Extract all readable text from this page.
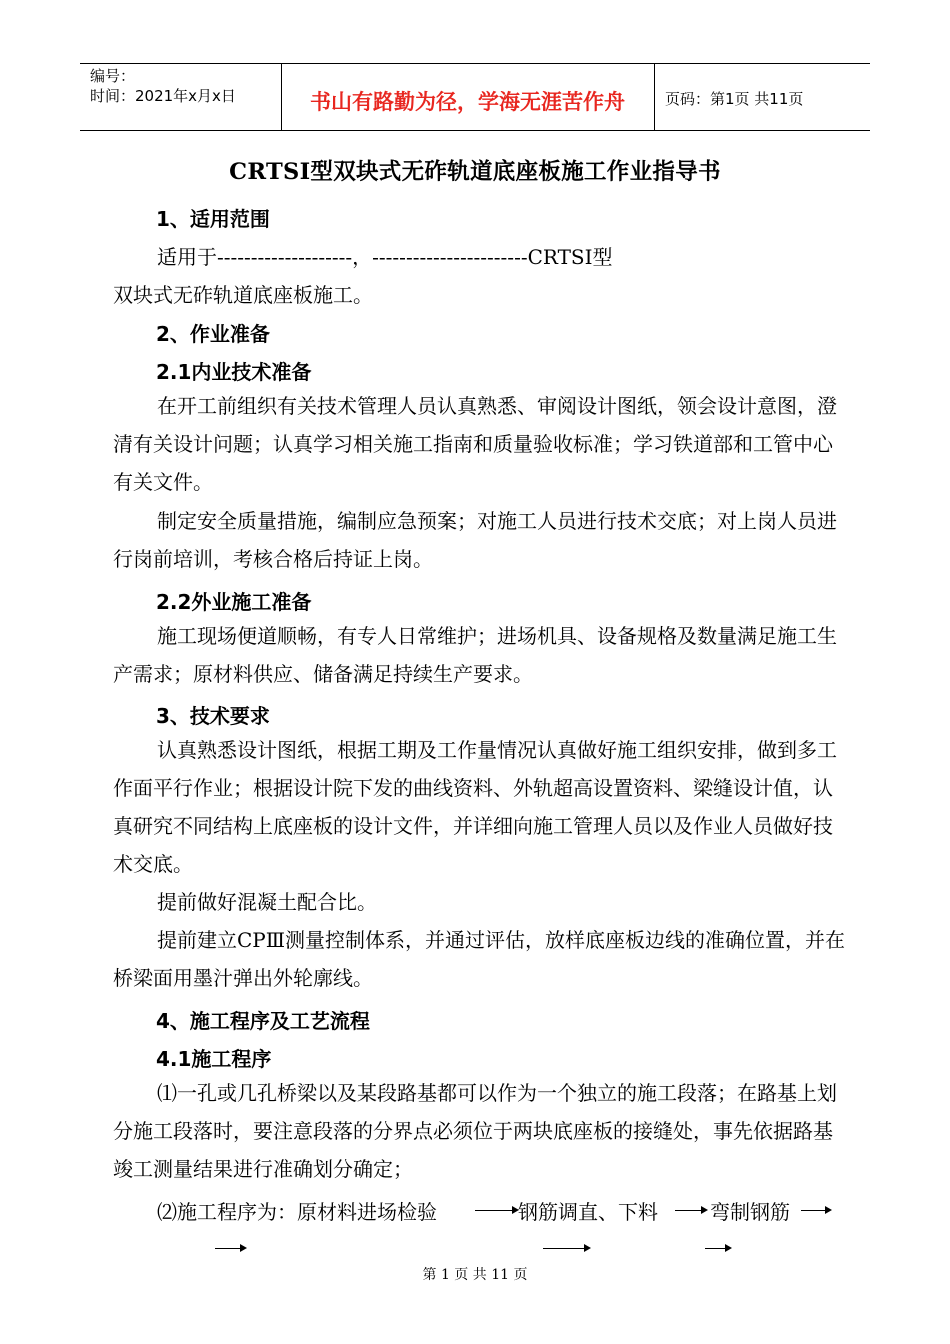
编号：
时间：2021年x月x日	书山有路勤为径，学海无涯苦作舟	页码：第1页 共11页
CRTSⅠ型双块式无砟轨道底座板施工作业指导书
1、适用范围
适用于--------------------，-----------------------CRTSⅠ型
双块式无砟轨道底座板施工。
2、作业准备
2.1内业技术准备
在开工前组织有关技术管理人员认真熟悉、审阅设计图纸，领会设计意图，澄清有关设计问题；认真学习相关施工指南和质量验收标准；学习铁道部和工管中心有关文件。
制定安全质量措施，编制应急预案；对施工人员进行技术交底；对上岗人员进行岗前培训，考核合格后持证上岗。
2.2外业施工准备
施工现场便道顺畅，有专人日常维护；进场机具、设备规格及数量满足施工生产需求；原材料供应、储备满足持续生产要求。
3、技术要求
认真熟悉设计图纸，根据工期及工作量情况认真做好施工组织安排，做到多工作面平行作业；根据设计院下发的曲线资料、外轨超高设置资料、梁缝设计值，认真研究不同结构上底座板的设计文件，并详细向施工管理人员以及作业人员做好技术交底。
提前做好混凝土配合比。
提前建立CPⅢ测量控制体系，并通过评估，放样底座板边线的准确位置，并在桥梁面用墨汁弹出外轮廓线。
4、施工程序及工艺流程
4.1施工程序
⑴一孔或几孔桥梁以及某段路基都可以作为一个独立的施工段落；在路基上划分施工段落时，要注意段落的分界点必须位于两块底座板的接缝处，事先依据路基竣工测量结果进行准确划分确定；
⑵施工程序为：原材料进场检验	钢筋调直、下料	弯制钢筋
第 1 页 共 11 页
